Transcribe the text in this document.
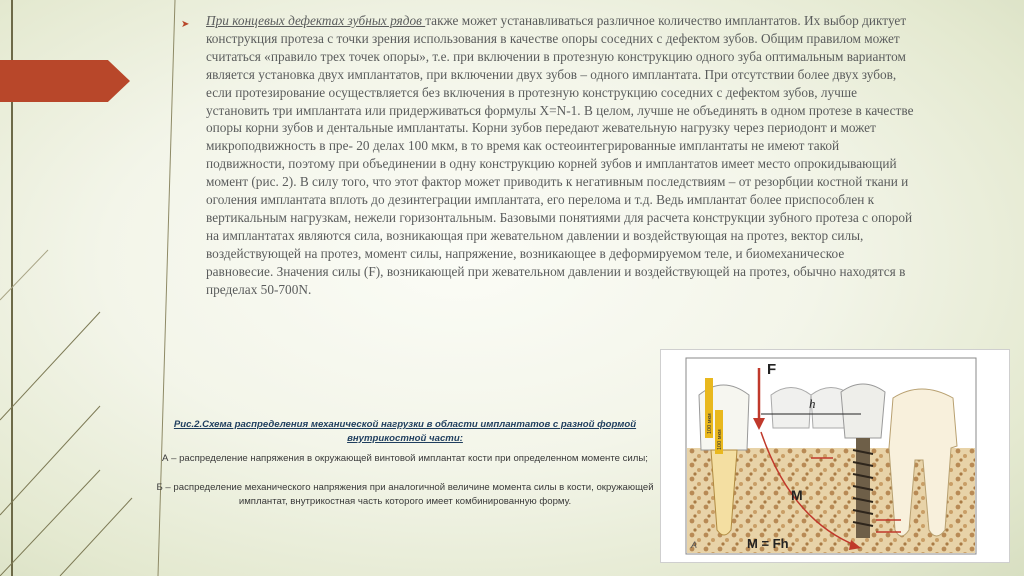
➤ При концевых дефектах зубных рядов также может устанавливаться различное количество имплантатов. Их выбор диктует конструкция протеза с точки зрения использования в качестве опоры соседних с дефектом зубов. Общим правилом может считаться «правило трех точек опоры», т.е. при включении в протезную конструкцию одного зуба оптимальным вариантом является установка двух имплантатов, при включении двух зубов – одного имплантата. При отсутствии более двух зубов, если протезирование осуществляется без включения в протезную конструкцию соседних с дефектом зубов, лучше установить три имплантата или придерживаться формулы X=N-1. В целом, лучше не объединять в одном протезе в качестве опоры корни зубов и дентальные имплантаты. Корни зубов передают жевательную нагрузку через периодонт и может микроподвижность в пре- 20 делах 100 мкм, в то время как остеоинтегрированные имплантаты не имеют такой подвижности, поэтому при объединении в одну конструкцию корней зубов и имплантатов имеет место опрокидывающий момент (рис. 2). В силу того, что этот фактор может приводить к негативным последствиям – от резорбции костной ткани и оголения имплантата вплоть до дезинтеграции имплантата, его перелома и т.д. Ведь имплантат более приспособлен к вертикальным нагрузкам, нежели горизонтальным. Базовыми понятиями для расчета конструкции зубного протеза с опорой на имплантатах являются сила, возникающая при жевательном давлении и воздействующая на протез, вектор силы, воздействующей на протез, момент силы, напряжение, возникающее в деформируемом теле, и биомеханическое равновесие. Значения силы (F), возникающей при жевательном давлении и воздействующей на протез, обычно находятся в пределах 50-700N.

Рис.2.Схема распределения механической нагрузки в области имплантатов с разной формой внутрикостной части:

А – распределение напряжения в окружающей винтовой имплантат кости при определенном моменте силы;

Б – распределение механического напряжения при аналогичной величине момента силы в кости, окружающей имплантат, внутрикостная часть которого имеет комбинированную форму.

100 мкм
100 мкм
F
h
M
M = Fh
A
